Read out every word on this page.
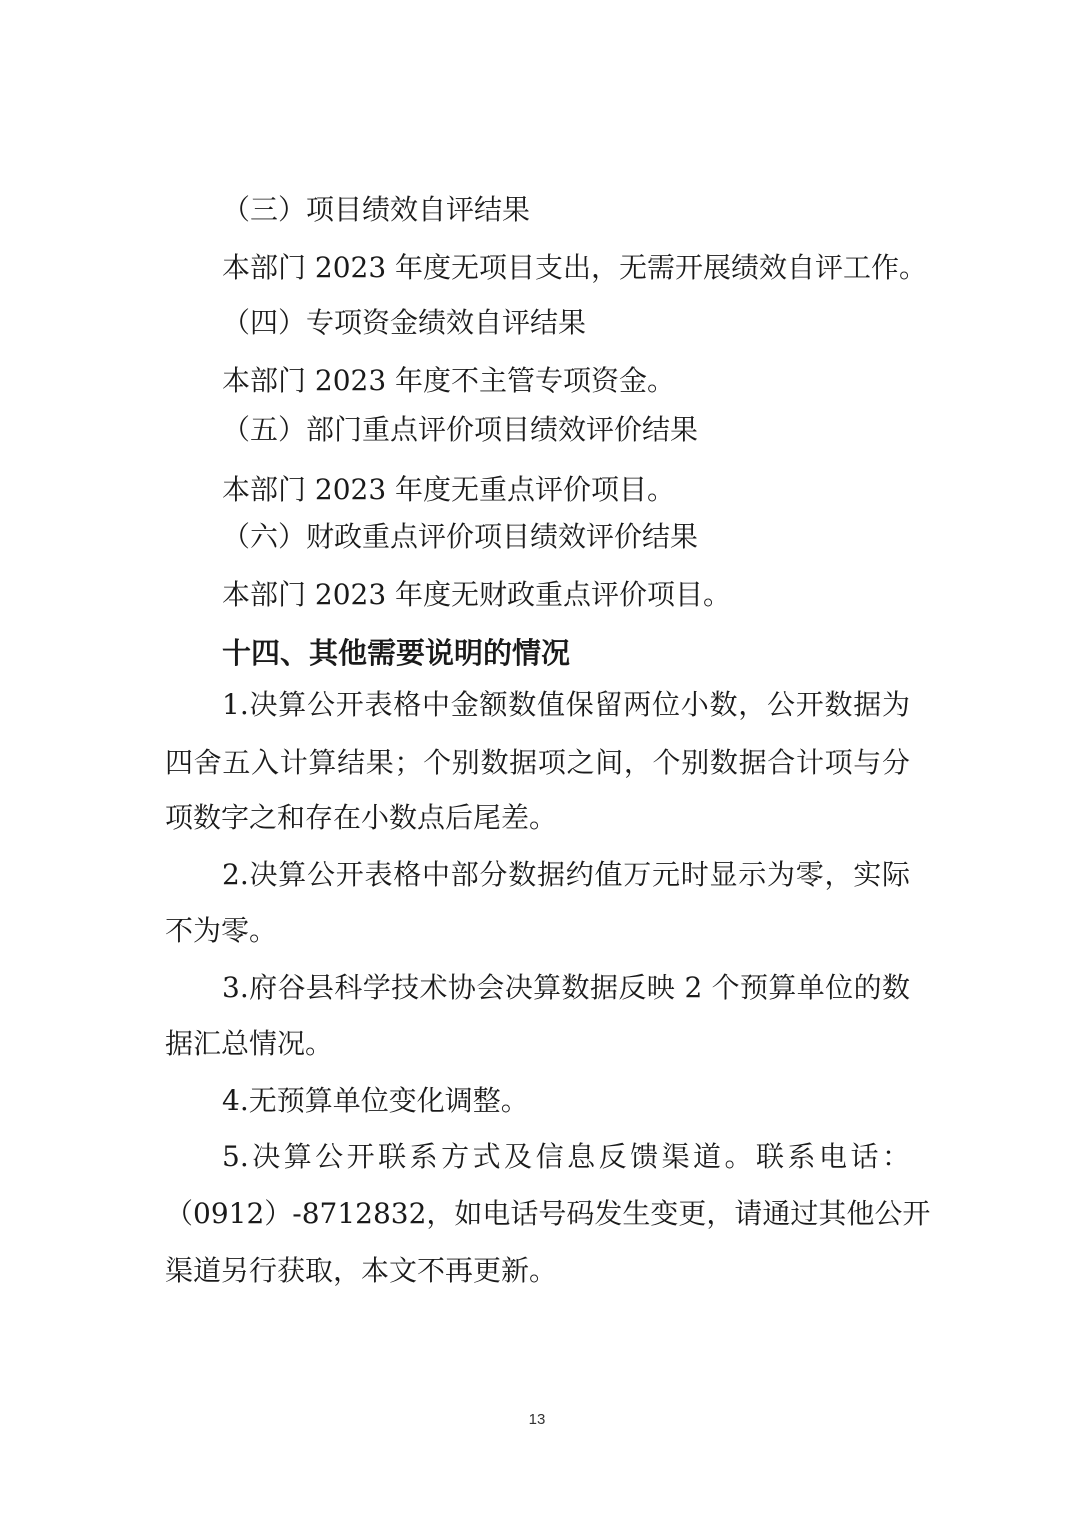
（三）项目绩效自评结果

本部门 2023 年度无项目支出，无需开展绩效自评工作。

（四）专项资金绩效自评结果

本部门 2023 年度不主管专项资金。

（五）部门重点评价项目绩效评价结果

本部门 2023 年度无重点评价项目。

（六）财政重点评价项目绩效评价结果

本部门 2023 年度无财政重点评价项目。

十四、其他需要说明的情况

1.决算公开表格中金额数值保留两位小数，公开数据为

四舍五入计算结果；个别数据项之间，个别数据合计项与分

项数字之和存在小数点后尾差。

2.决算公开表格中部分数据约值万元时显示为零，实际

不为零。

3.府谷县科学技术协会决算数据反映 2 个预算单位的数

据汇总情况。

4.无预算单位变化调整。

5.决算公开联系方式及信息反馈渠道。联系电话：

（0912）-8712832，如电话号码发生变更，请通过其他公开

渠道另行获取，本文不再更新。

13
